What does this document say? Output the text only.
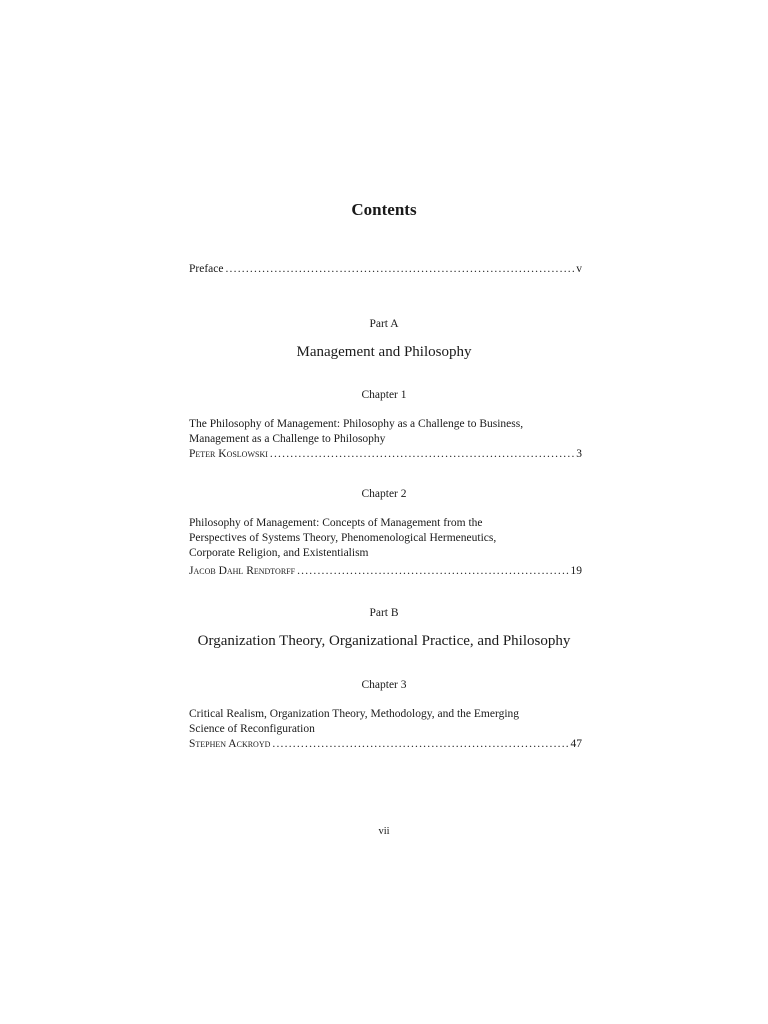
Contents
Preface .....	v
Part A
Management and Philosophy
Chapter 1
The Philosophy of Management: Philosophy as a Challenge to Business,
Management as a Challenge to Philosophy
Peter Koslowski .....	3
Chapter 2
Philosophy of Management: Concepts of Management from the
Perspectives of Systems Theory, Phenomenological Hermeneutics,
Corporate Religion, and Existentialism
Jacob Dahl Rendtorff .....	19
Part B
Organization Theory, Organizational Practice, and Philosophy
Chapter 3
Critical Realism, Organization Theory, Methodology, and the Emerging
Science of Reconfiguration
Stephen Ackroyd .....	47
vii
